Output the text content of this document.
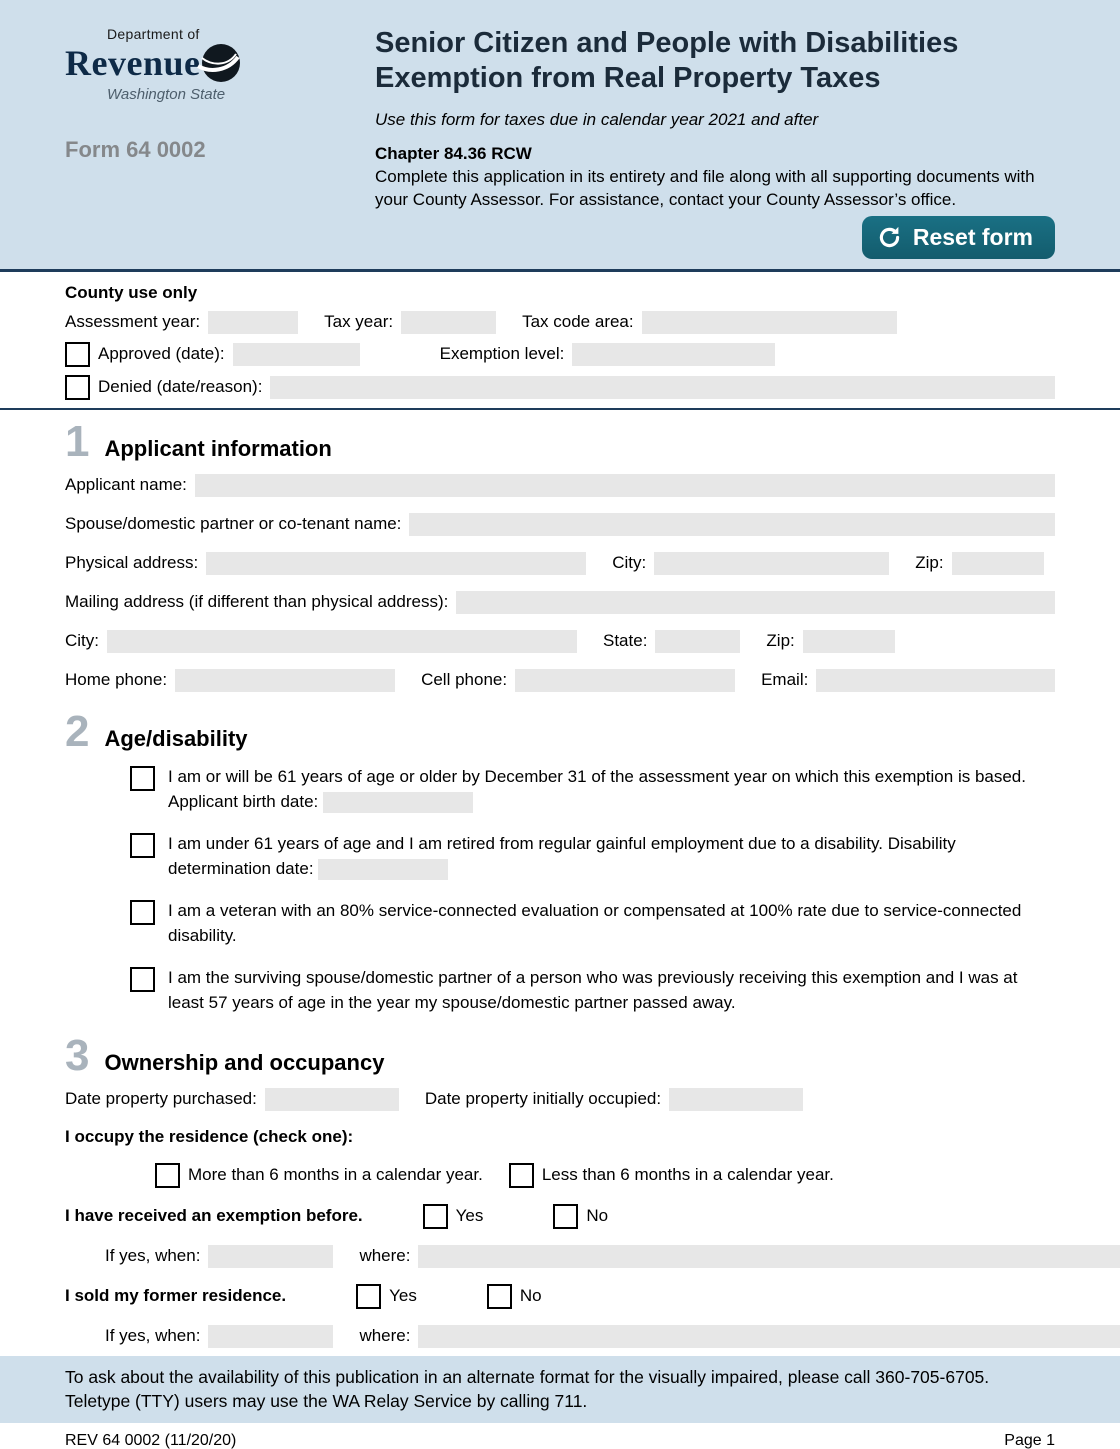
Department of
Revenue
Washington State
Form 64 0002
Senior Citizen and People with Disabilities Exemption from Real Property Taxes
Use this form for taxes due in calendar year 2021 and after
Chapter 84.36 RCW

Complete this application in its entirety and file along with all supporting documents with your County Assessor. For assistance, contact your County Assessor’s office.

Reset form
County use only
Assessment year:	Tax year:	Tax code area:
Approved (date):	Exemption level:
Denied (date/reason):
1 Applicant information
Applicant name:
Spouse/domestic partner or co-tenant name:
Physical address:	City:	Zip:
Mailing address (if different than physical address):
City:	State:	Zip:
Home phone:	Cell phone:	Email:
2 Age/disability
I am or will be 61 years of age or older by December 31 of the assessment year on which this exemption is based. Applicant birth date:
I am under 61 years of age and I am retired from regular gainful employment due to a disability. Disability determination date:
I am a veteran with an 80% service-connected evaluation or compensated at 100% rate due to service-connected disability.
I am the surviving spouse/domestic partner of a person who was previously receiving this exemption and I was at least 57 years of age in the year my spouse/domestic partner passed away.
3 Ownership and occupancy
Date property purchased:	Date property initially occupied:
I occupy the residence (check one):
More than 6 months in a calendar year.	Less than 6 months in a calendar year.
I have received an exemption before.	Yes	No
If yes, when:	where:
I sold my former residence.	Yes	No
If yes, when:	where:
To ask about the availability of this publication in an alternate format for the visually impaired, please call 360-705-6705. Teletype (TTY) users may use the WA Relay Service by calling 711.
REV 64 0002 (11/20/20)	Page 1
